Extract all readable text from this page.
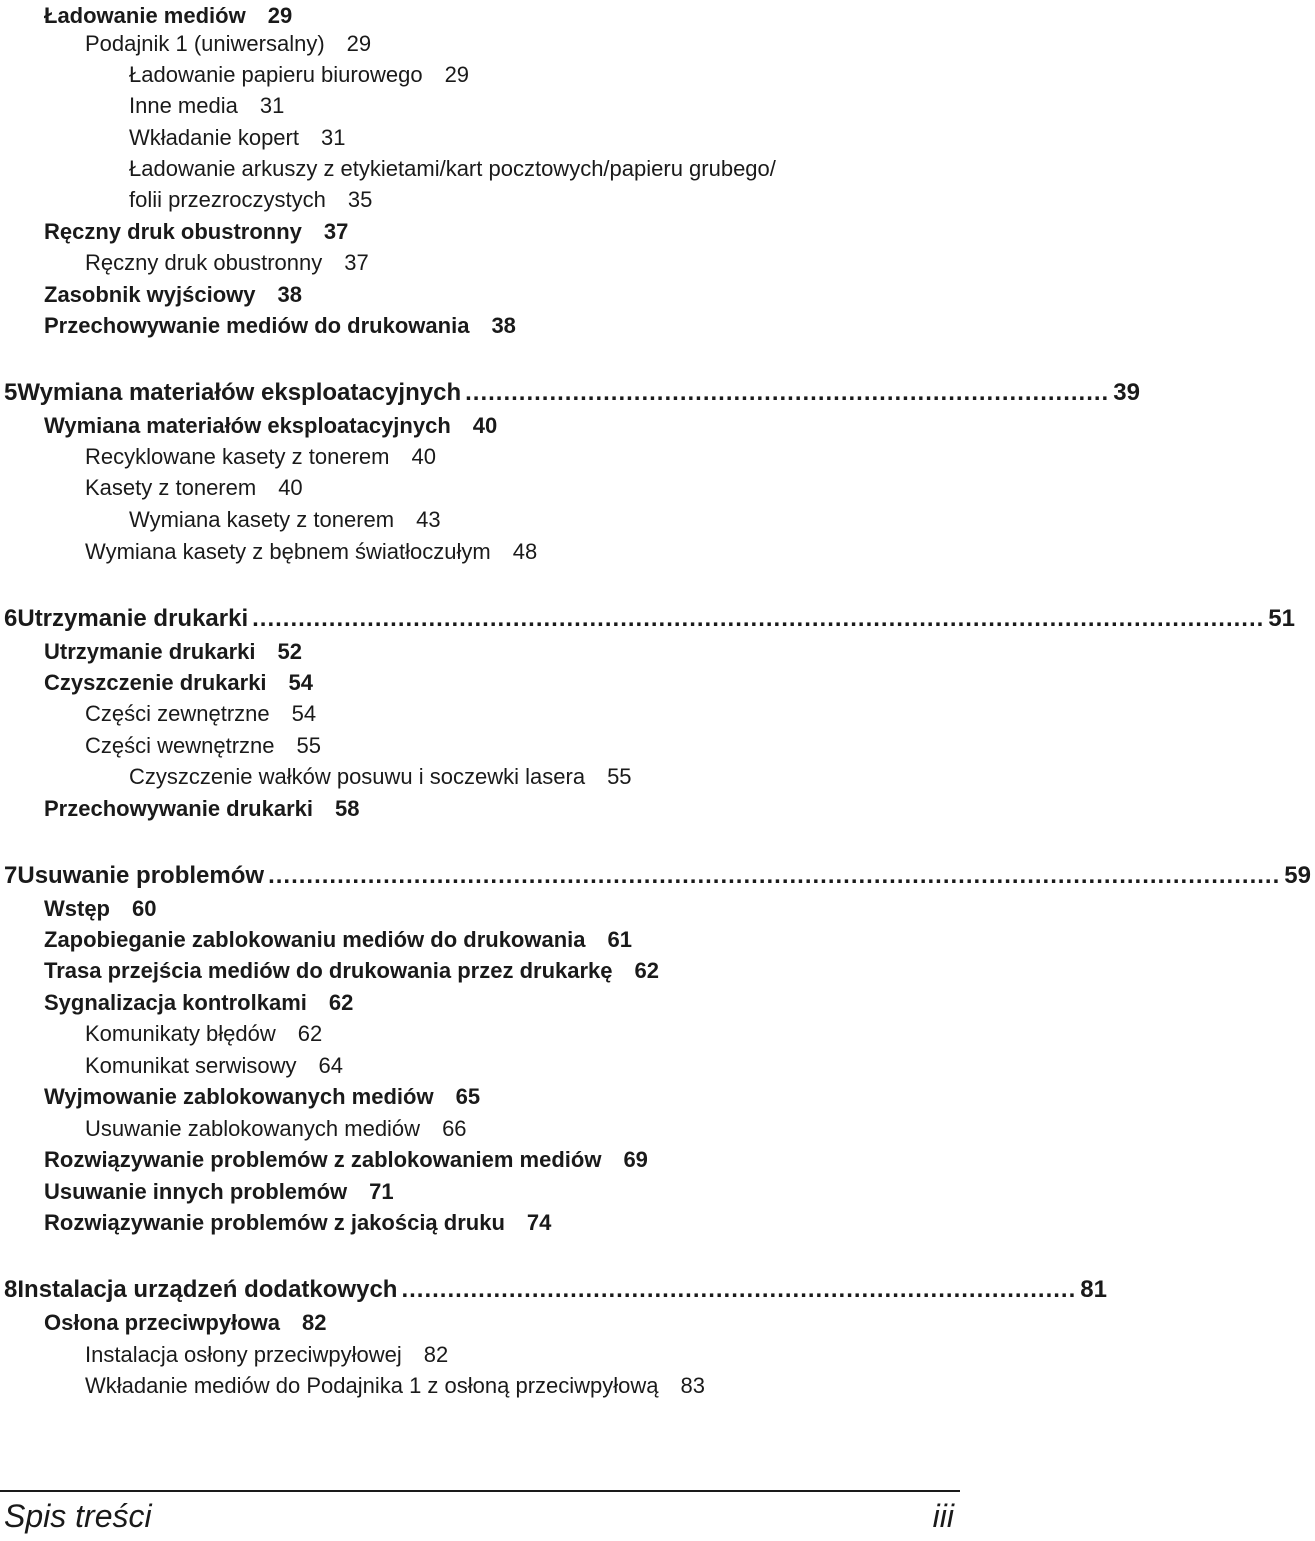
Ładowanie mediów 29
Podajnik 1 (uniwersalny) 29
Ładowanie papieru biurowego 29
Inne media 31
Wkładanie kopert 31
Ładowanie arkuszy z etykietami/kart pocztowych/papieru grubego/
folii przezroczystych 35
Ręczny druk obustronny 37
Ręczny druk obustronny 37
Zasobnik wyjściowy 38
Przechowywanie mediów do drukowania 38
5 Wymiana materiałów eksploatacyjnych .................................................................................... 39
Wymiana materiałów eksploatacyjnych 40
Recyklowane kasety z tonerem 40
Kasety z tonerem 40
Wymiana kasety z tonerem 43
Wymiana kasety z bębnem światłoczułym 48
6 Utrzymanie drukarki .................................................................................................................................... 51
Utrzymanie drukarki 52
Czyszczenie drukarki 54
Części zewnętrzne 54
Części wewnętrzne 55
Czyszczenie wałków posuwu i soczewki lasera 55
Przechowywanie drukarki 58
7 Usuwanie problemów .................................................................................................................................... 59
Wstęp 60
Zapobieganie zablokowaniu mediów do drukowania 61
Trasa przejścia mediów do drukowania przez drukarkę 62
Sygnalizacja kontrolkami 62
Komunikaty błędów 62
Komunikat serwisowy 64
Wyjmowanie zablokowanych mediów 65
Usuwanie zablokowanych mediów 66
Rozwiązywanie problemów z zablokowaniem mediów 69
Usuwanie innych problemów 71
Rozwiązywanie problemów z jakością druku 74
8 Instalacja urządzeń dodatkowych ........................................................................................ 81
Osłona przeciwpyłowa 82
Instalacja osłony przeciwpyłowej 82
Wkładanie mediów do Podajnika 1 z osłoną przeciwpyłową 83
Spis treści	iii
